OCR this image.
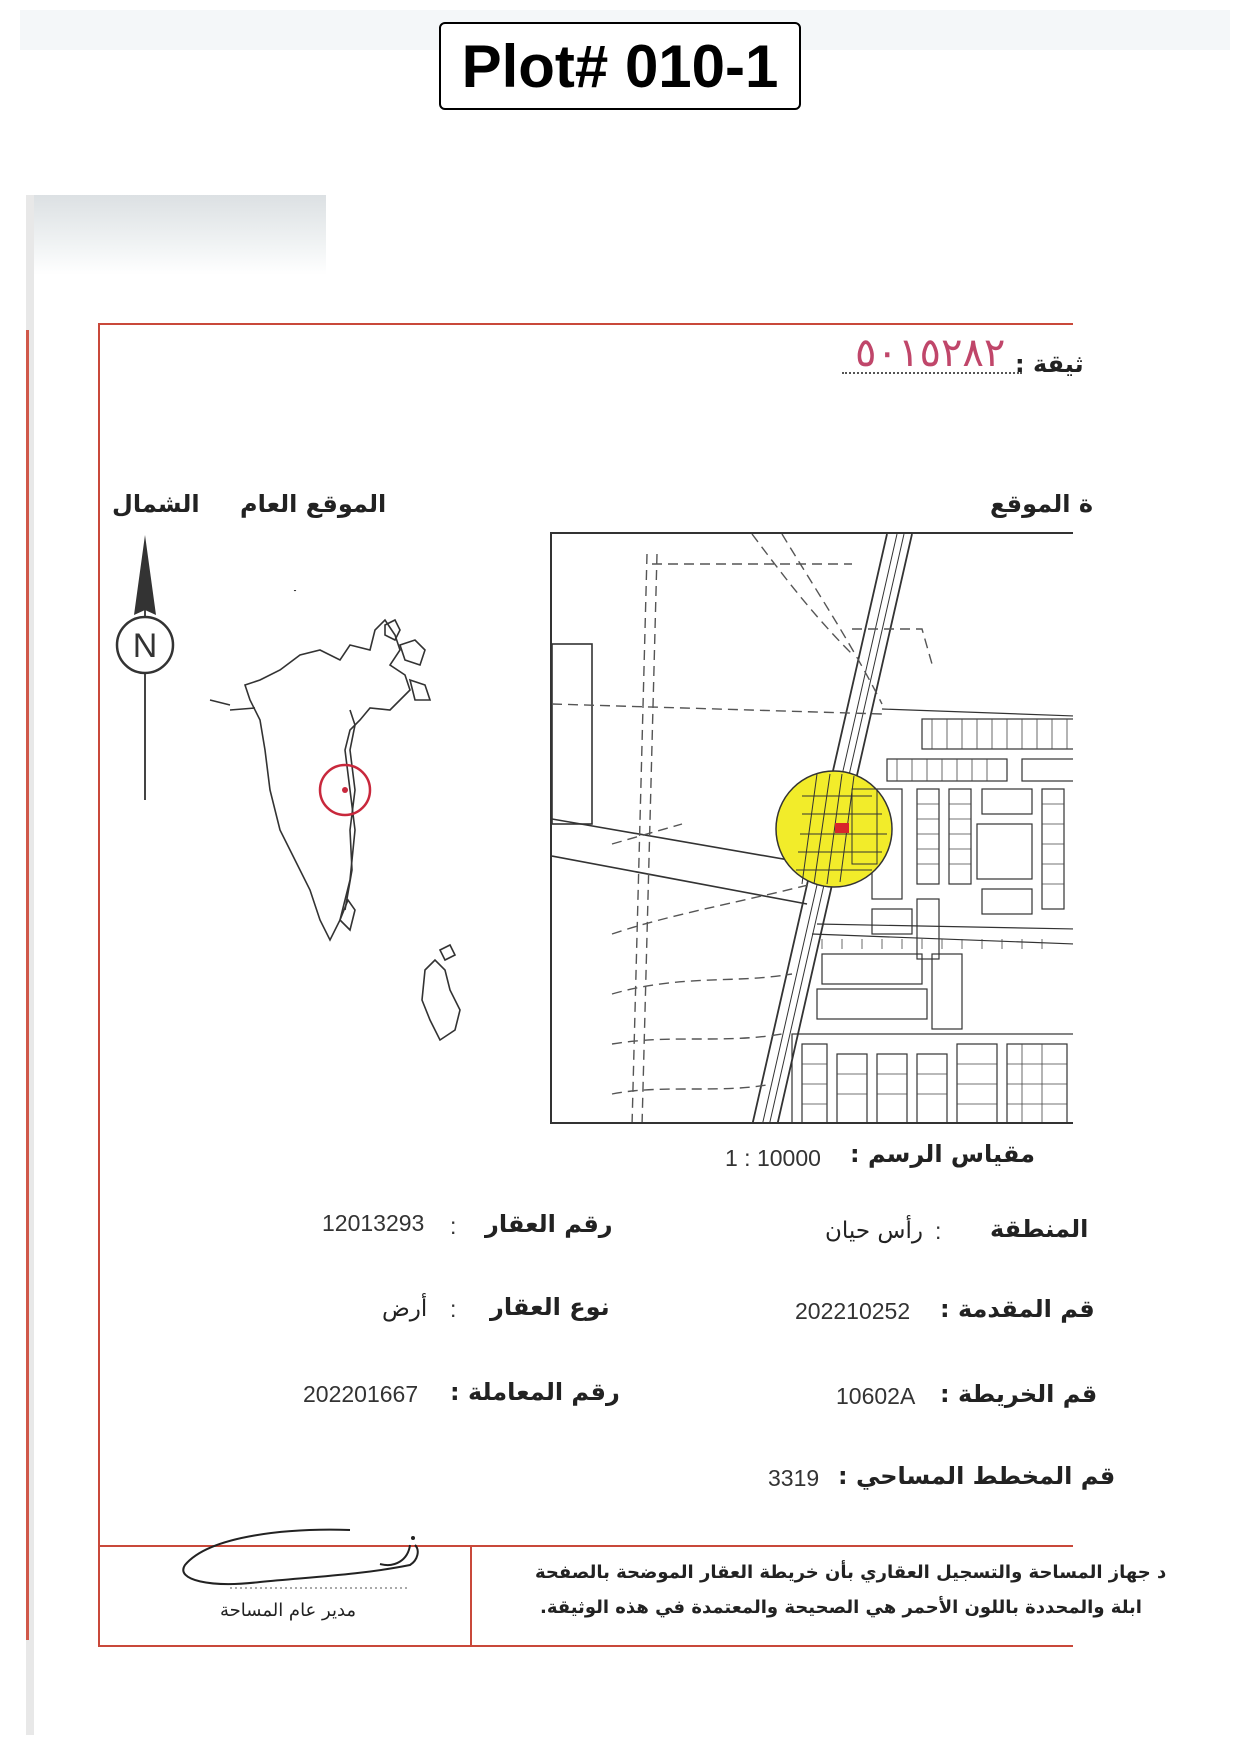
Plot# 010-1
٥٠١٥٢٨٢ ثيقة :
ة الموقع
الموقع العام
الشمال
N
مقياس الرسم :
1 : 10000
المنطقة
:
رأس حيان
رقم العقار
:
12013293
قم المقدمة :
202210252
نوع العقار
:
أرض
قم الخريطة :
10602A
رقم المعاملة :
202201667
قم المخطط المساحي :
3319
د جهاز المساحة والتسجيل العقاري بأن خريطة العقار الموضحة بالصفحة
ابلة والمحددة باللون الأحمر هي الصحيحة والمعتمدة في هذه الوثيقة.
مدير عام المساحة
